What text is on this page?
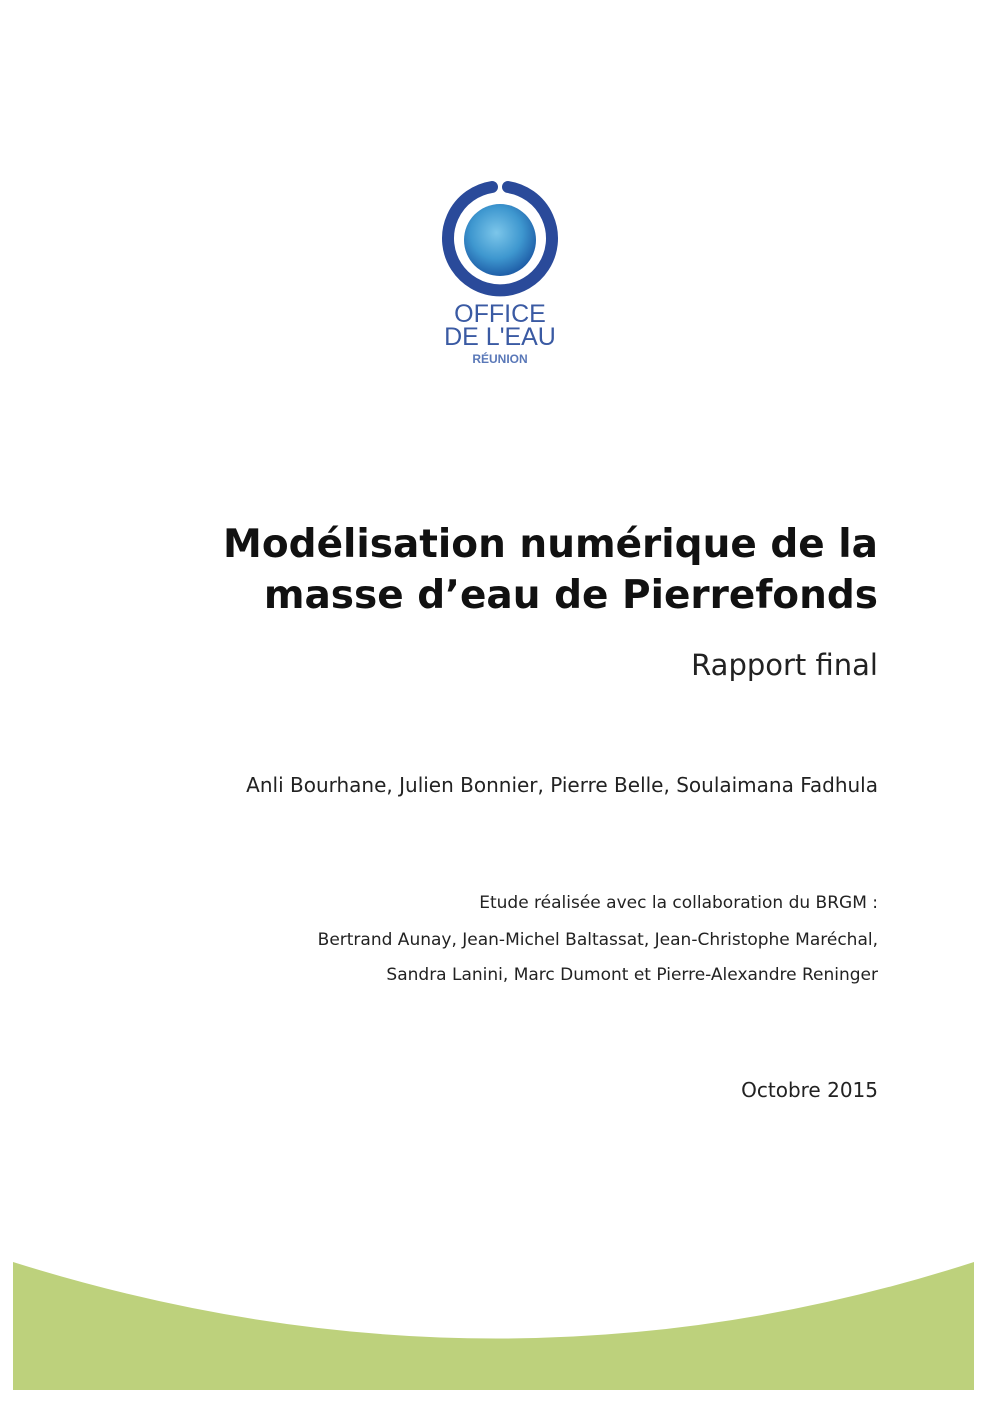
OFFICE
DE L'EAU
RÉUNION
Modélisation numérique de la
masse d’eau de Pierrefonds
Rapport final
Anli Bourhane, Julien Bonnier, Pierre Belle, Soulaimana Fadhula
Etude réalisée avec la collaboration du BRGM :
Bertrand Aunay, Jean-Michel Baltassat, Jean-Christophe Maréchal,
Sandra Lanini, Marc Dumont et Pierre-Alexandre Reninger
Octobre 2015
